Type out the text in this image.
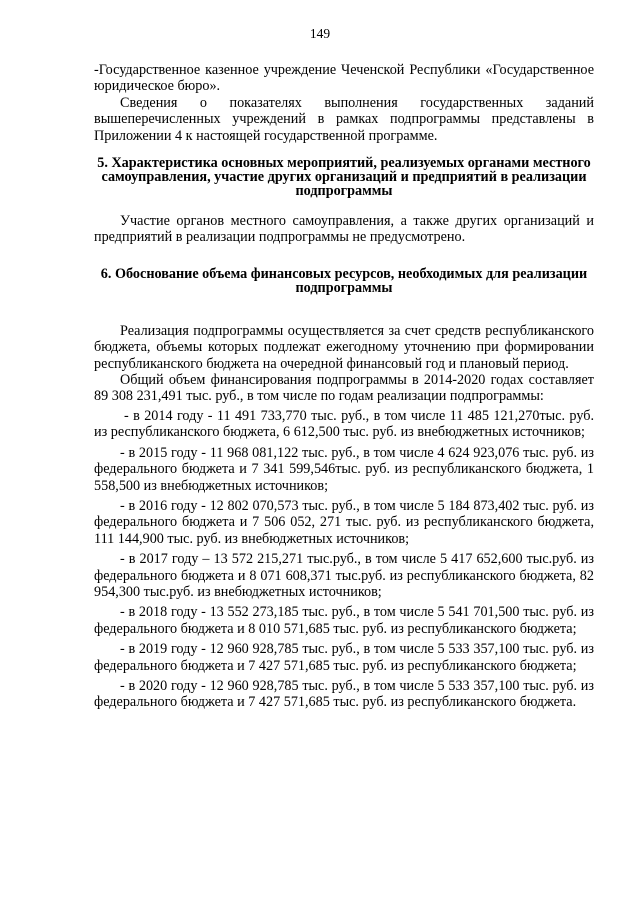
149

-Государственное казенное учреждение Чеченской Республики «Государственное юридическое бюро».

Сведения о показателях выполнения государственных заданий вышеперечисленных учреждений в рамках подпрограммы представлены в Приложении 4 к настоящей государственной программе.

5. Характеристика основных мероприятий, реализуемых органами местного самоуправления, участие других организаций и предприятий в реализации подпрограммы

Участие органов местного самоуправления, а также других организаций и предприятий в реализации подпрограммы не предусмотрено.

6. Обоснование объема финансовых ресурсов, необходимых для реализации подпрограммы

Реализация подпрограммы осуществляется за счет средств республиканского бюджета, объемы которых подлежат ежегодному уточнению при формировании республиканского бюджета на очередной финансовый год и плановый период.

Общий объем финансирования подпрограммы в 2014-2020 годах составляет 89 308 231,491 тыс. руб., в том числе по годам реализации подпрограммы:

- в 2014 году - 11 491 733,770 тыс. руб., в том числе 11 485 121,270тыс. руб. из республиканского бюджета, 6 612,500 тыс. руб. из внебюджетных источников;

- в 2015 году - 11 968 081,122 тыс. руб., в том числе 4 624 923,076 тыс. руб. из федерального бюджета и 7 341 599,546тыс. руб. из республиканского бюджета, 1 558,500 из внебюджетных источников;

- в 2016 году - 12 802 070,573 тыс. руб., в том числе 5 184 873,402 тыс. руб. из федерального бюджета и 7 506 052, 271 тыс. руб. из республиканского бюджета, 111 144,900 тыс. руб. из внебюджетных источников;

- в 2017 году – 13 572 215,271 тыс.руб., в том числе 5 417 652,600 тыс.руб. из федерального бюджета и 8 071 608,371 тыс.руб. из республиканского бюджета, 82 954,300 тыс.руб. из внебюджетных источников;

- в 2018 году - 13 552 273,185 тыс. руб., в том числе 5 541 701,500 тыс. руб. из федерального бюджета и 8 010 571,685 тыс. руб. из республиканского бюджета;

- в 2019 году - 12 960 928,785 тыс. руб., в том числе 5 533 357,100 тыс. руб. из федерального бюджета и 7 427 571,685 тыс. руб. из республиканского бюджета;

- в 2020 году - 12 960 928,785 тыс. руб., в том числе 5 533 357,100 тыс. руб. из федерального бюджета и 7 427 571,685 тыс. руб. из республиканского бюджета.
